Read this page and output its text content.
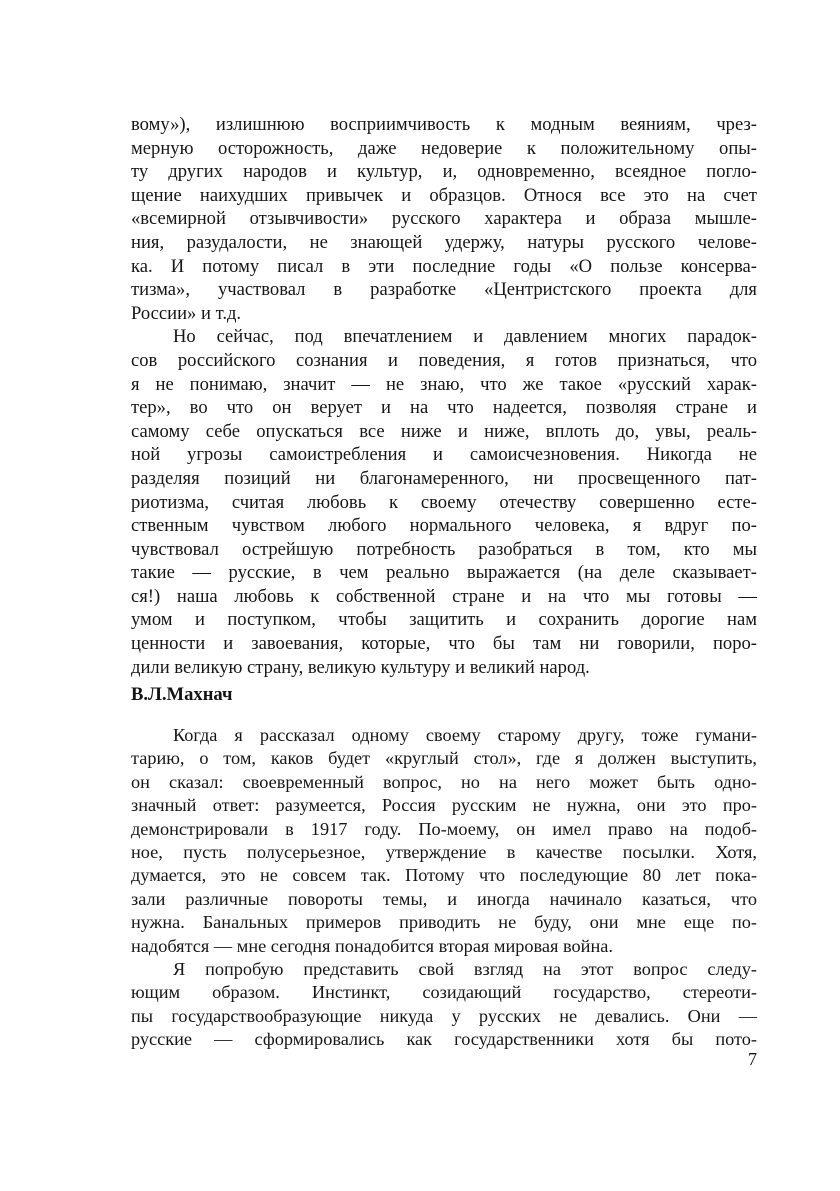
вому»), излишнюю восприимчивость к модным веяниям, чрез-
мерную осторожность, даже недоверие к положительному опы-
ту других народов и культур, и, одновременно, всеядное погло-
щение наихудших привычек и образцов. Относя все это на счет
«всемирной отзывчивости» русского характера и образа мышле-
ния, разудалости, не знающей удержу, натуры русского челове-
ка. И потому писал в эти последние годы «О пользе консерва-
тизма», участвовал в разработке «Центристского проекта для
России» и т.д.
Но сейчас, под впечатлением и давлением многих парадок-
сов российского сознания и поведения, я готов признаться, что
я не понимаю, значит — не знаю, что же такое «русский харак-
тер», во что он верует и на что надеется, позволяя стране и
самому себе опускаться все ниже и ниже, вплоть до, увы, реаль-
ной угрозы самоистребления и самоисчезновения. Никогда не
разделяя позиций ни благонамеренного, ни просвещенного пат-
риотизма, считая любовь к своему отечеству совершенно есте-
ственным чувством любого нормального человека, я вдруг по-
чувствовал острейшую потребность разобраться в том, кто мы
такие — русские, в чем реально выражается (на деле сказывает-
ся!) наша любовь к собственной стране и на что мы готовы —
умом и поступком, чтобы защитить и сохранить дорогие нам
ценности и завоевания, которые, что бы там ни говорили, поро-
дили великую страну, великую культуру и великий народ.
В.Л.Махнач
Когда я рассказал одному своему старому другу, тоже гумани-
тарию, о том, каков будет «круглый стол», где я должен выступить,
он сказал: своевременный вопрос, но на него может быть одно-
значный ответ: разумеется, Россия русским не нужна, они это про-
демонстрировали в 1917 году. По-моему, он имел право на подоб-
ное, пусть полусерьезное, утверждение в качестве посылки. Хотя,
думается, это не совсем так. Потому что последующие 80 лет пока-
зали различные повороты темы, и иногда начинало казаться, что
нужна. Банальных примеров приводить не буду, они мне еще по-
надобятся — мне сегодня понадобится вторая мировая война.
Я попробую представить свой взгляд на этот вопрос следу-
ющим образом. Инстинкт, созидающий государство, стереоти-
пы государствообразующие никуда у русских не девались. Они —
русские — сформировались как государственники хотя бы пото-
7
